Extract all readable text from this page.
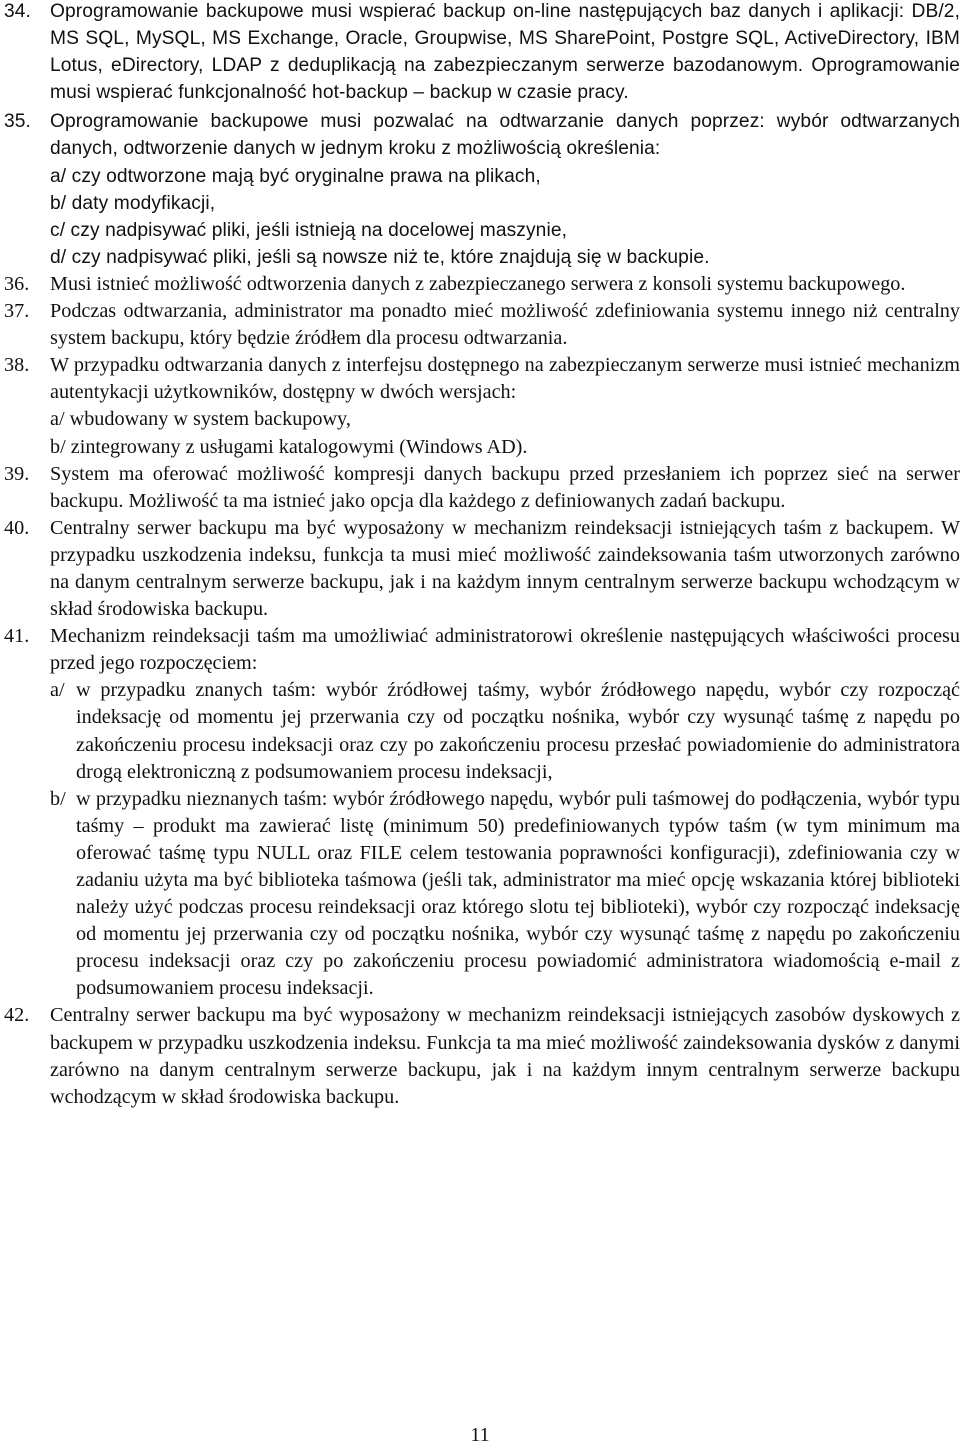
34. Oprogramowanie backupowe musi wspierać backup on-line następujących baz danych i aplikacji: DB/2, MS SQL, MySQL, MS Exchange, Oracle, Groupwise, MS SharePoint, Postgre SQL, ActiveDirectory, IBM Lotus, eDirectory, LDAP z deduplikacją na zabezpieczanym serwerze bazodanowym. Oprogramowanie musi wspierać funkcjonalność hot-backup – backup w czasie pracy.
35. Oprogramowanie backupowe musi pozwalać na odtwarzanie danych poprzez: wybór odtwarzanych danych, odtworzenie danych w jednym kroku z możliwością określenia:
a/ czy odtworzone mają być oryginalne prawa na plikach,
b/ daty modyfikacji,
c/ czy nadpisywać pliki, jeśli istnieją na docelowej maszynie,
d/ czy nadpisywać pliki, jeśli są nowsze niż te, które znajdują się w backupie.
36.	Musi istnieć możliwość odtworzenia danych z zabezpieczanego serwera z konsoli systemu backupowego.
37.	Podczas odtwarzania, administrator ma ponadto mieć możliwość zdefiniowania systemu innego niż centralny system backupu, który będzie źródłem dla procesu odtwarzania.
38.	W przypadku odtwarzania danych z interfejsu dostępnego na zabezpieczanym serwerze musi istnieć mechanizm autentykacji użytkowników, dostępny w dwóch wersjach:
a/ wbudowany w system backupowy,
b/ zintegrowany z usługami katalogowymi (Windows AD).
39.	System ma oferować możliwość kompresji danych backupu przed przesłaniem ich poprzez sieć na serwer backupu. Możliwość ta ma istnieć jako opcja dla każdego z definiowanych zadań backupu.
40.	Centralny serwer backupu ma być wyposażony w mechanizm reindeksacji istniejących taśm z backupem. W przypadku uszkodzenia indeksu, funkcja ta musi mieć możliwość zaindeksowania taśm utworzonych zarówno na danym centralnym serwerze backupu, jak i na każdym innym centralnym serwerze backupu wchodzącym w skład środowiska backupu.
41.	Mechanizm reindeksacji taśm ma umożliwiać administratorowi określenie następujących właściwości procesu przed jego rozpoczęciem:
a/ w przypadku znanych taśm: wybór źródłowej taśmy, wybór źródłowego napędu, wybór czy rozpocząć indeksację od momentu jej przerwania czy od początku nośnika, wybór czy wysunąć taśmę z napędu po zakończeniu procesu indeksacji oraz czy po zakończeniu procesu przesłać powiadomienie do administratora drogą elektroniczną z podsumowaniem procesu indeksacji,
b/ w przypadku nieznanych taśm: wybór źródłowego napędu, wybór puli taśmowej do podłączenia, wybór typu taśmy – produkt ma zawierać listę (minimum 50) predefiniowanych typów taśm (w tym minimum ma oferować taśmę typu NULL oraz FILE celem testowania poprawności konfiguracji), zdefiniowania czy w zadaniu użyta ma być biblioteka taśmowa (jeśli tak, administrator ma mieć opcję wskazania której biblioteki należy użyć podczas procesu reindeksacji oraz którego slotu tej biblioteki), wybór czy rozpocząć indeksację od momentu jej przerwania czy od początku nośnika, wybór czy wysunąć taśmę z napędu po zakończeniu procesu indeksacji oraz czy po zakończeniu procesu powiadomić administratora wiadomością e-mail z podsumowaniem procesu indeksacji.
42.	Centralny serwer backupu ma być wyposażony w mechanizm reindeksacji istniejących zasobów dyskowych z backupem w przypadku uszkodzenia indeksu. Funkcja ta ma mieć możliwość zaindeksowania dysków z danymi zarówno na danym centralnym serwerze backupu, jak i na każdym innym centralnym serwerze backupu wchodzącym w skład środowiska backupu.
11
